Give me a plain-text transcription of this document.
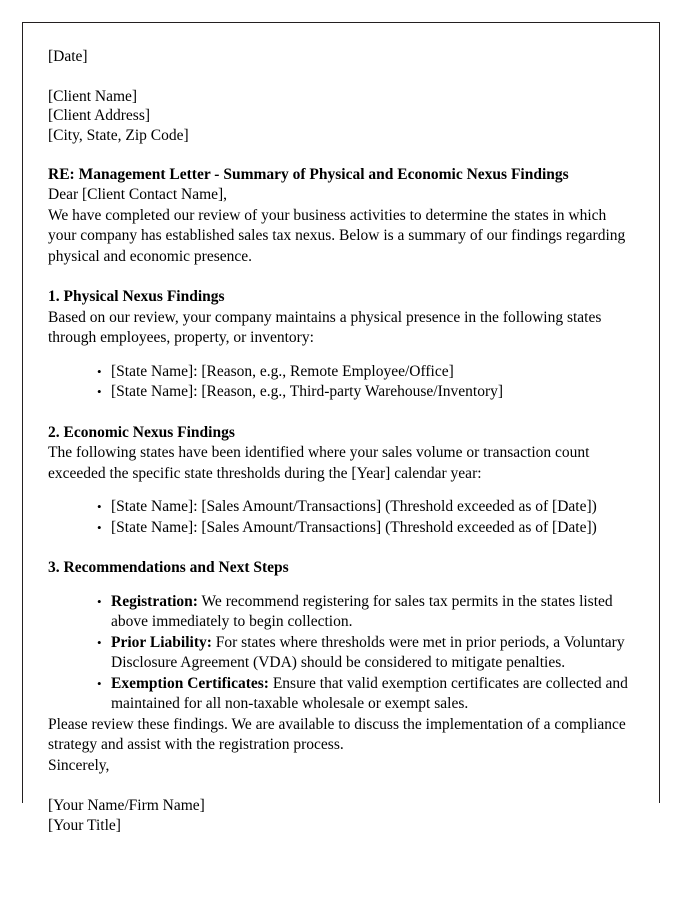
[Date]
[Client Name]
[Client Address]
[City, State, Zip Code]
RE: Management Letter - Summary of Physical and Economic Nexus Findings

Dear [Client Contact Name],

We have completed our review of your business activities to determine the states in which your company has established sales tax nexus. Below is a summary of our findings regarding physical and economic presence.

1. Physical Nexus Findings

Based on our review, your company maintains a physical presence in the following states through employees, property, or inventory:

• [State Name]: [Reason, e.g., Remote Employee/Office]
• [State Name]: [Reason, e.g., Third-party Warehouse/Inventory]
2. Economic Nexus Findings

The following states have been identified where your sales volume or transaction count exceeded the specific state thresholds during the [Year] calendar year:

• [State Name]: [Sales Amount/Transactions] (Threshold exceeded as of [Date])
• [State Name]: [Sales Amount/Transactions] (Threshold exceeded as of [Date])
3. Recommendations and Next Steps
• Registration: We recommend registering for sales tax permits in the states listed above immediately to begin collection.
• Prior Liability: For states where thresholds were met in prior periods, a Voluntary Disclosure Agreement (VDA) should be considered to mitigate penalties.
• Exemption Certificates: Ensure that valid exemption certificates are collected and maintained for all non-taxable wholesale or exempt sales.

Please review these findings. We are available to discuss the implementation of a compliance strategy and assist with the registration process.

Sincerely,

[Your Name/Firm Name]
[Your Title]
